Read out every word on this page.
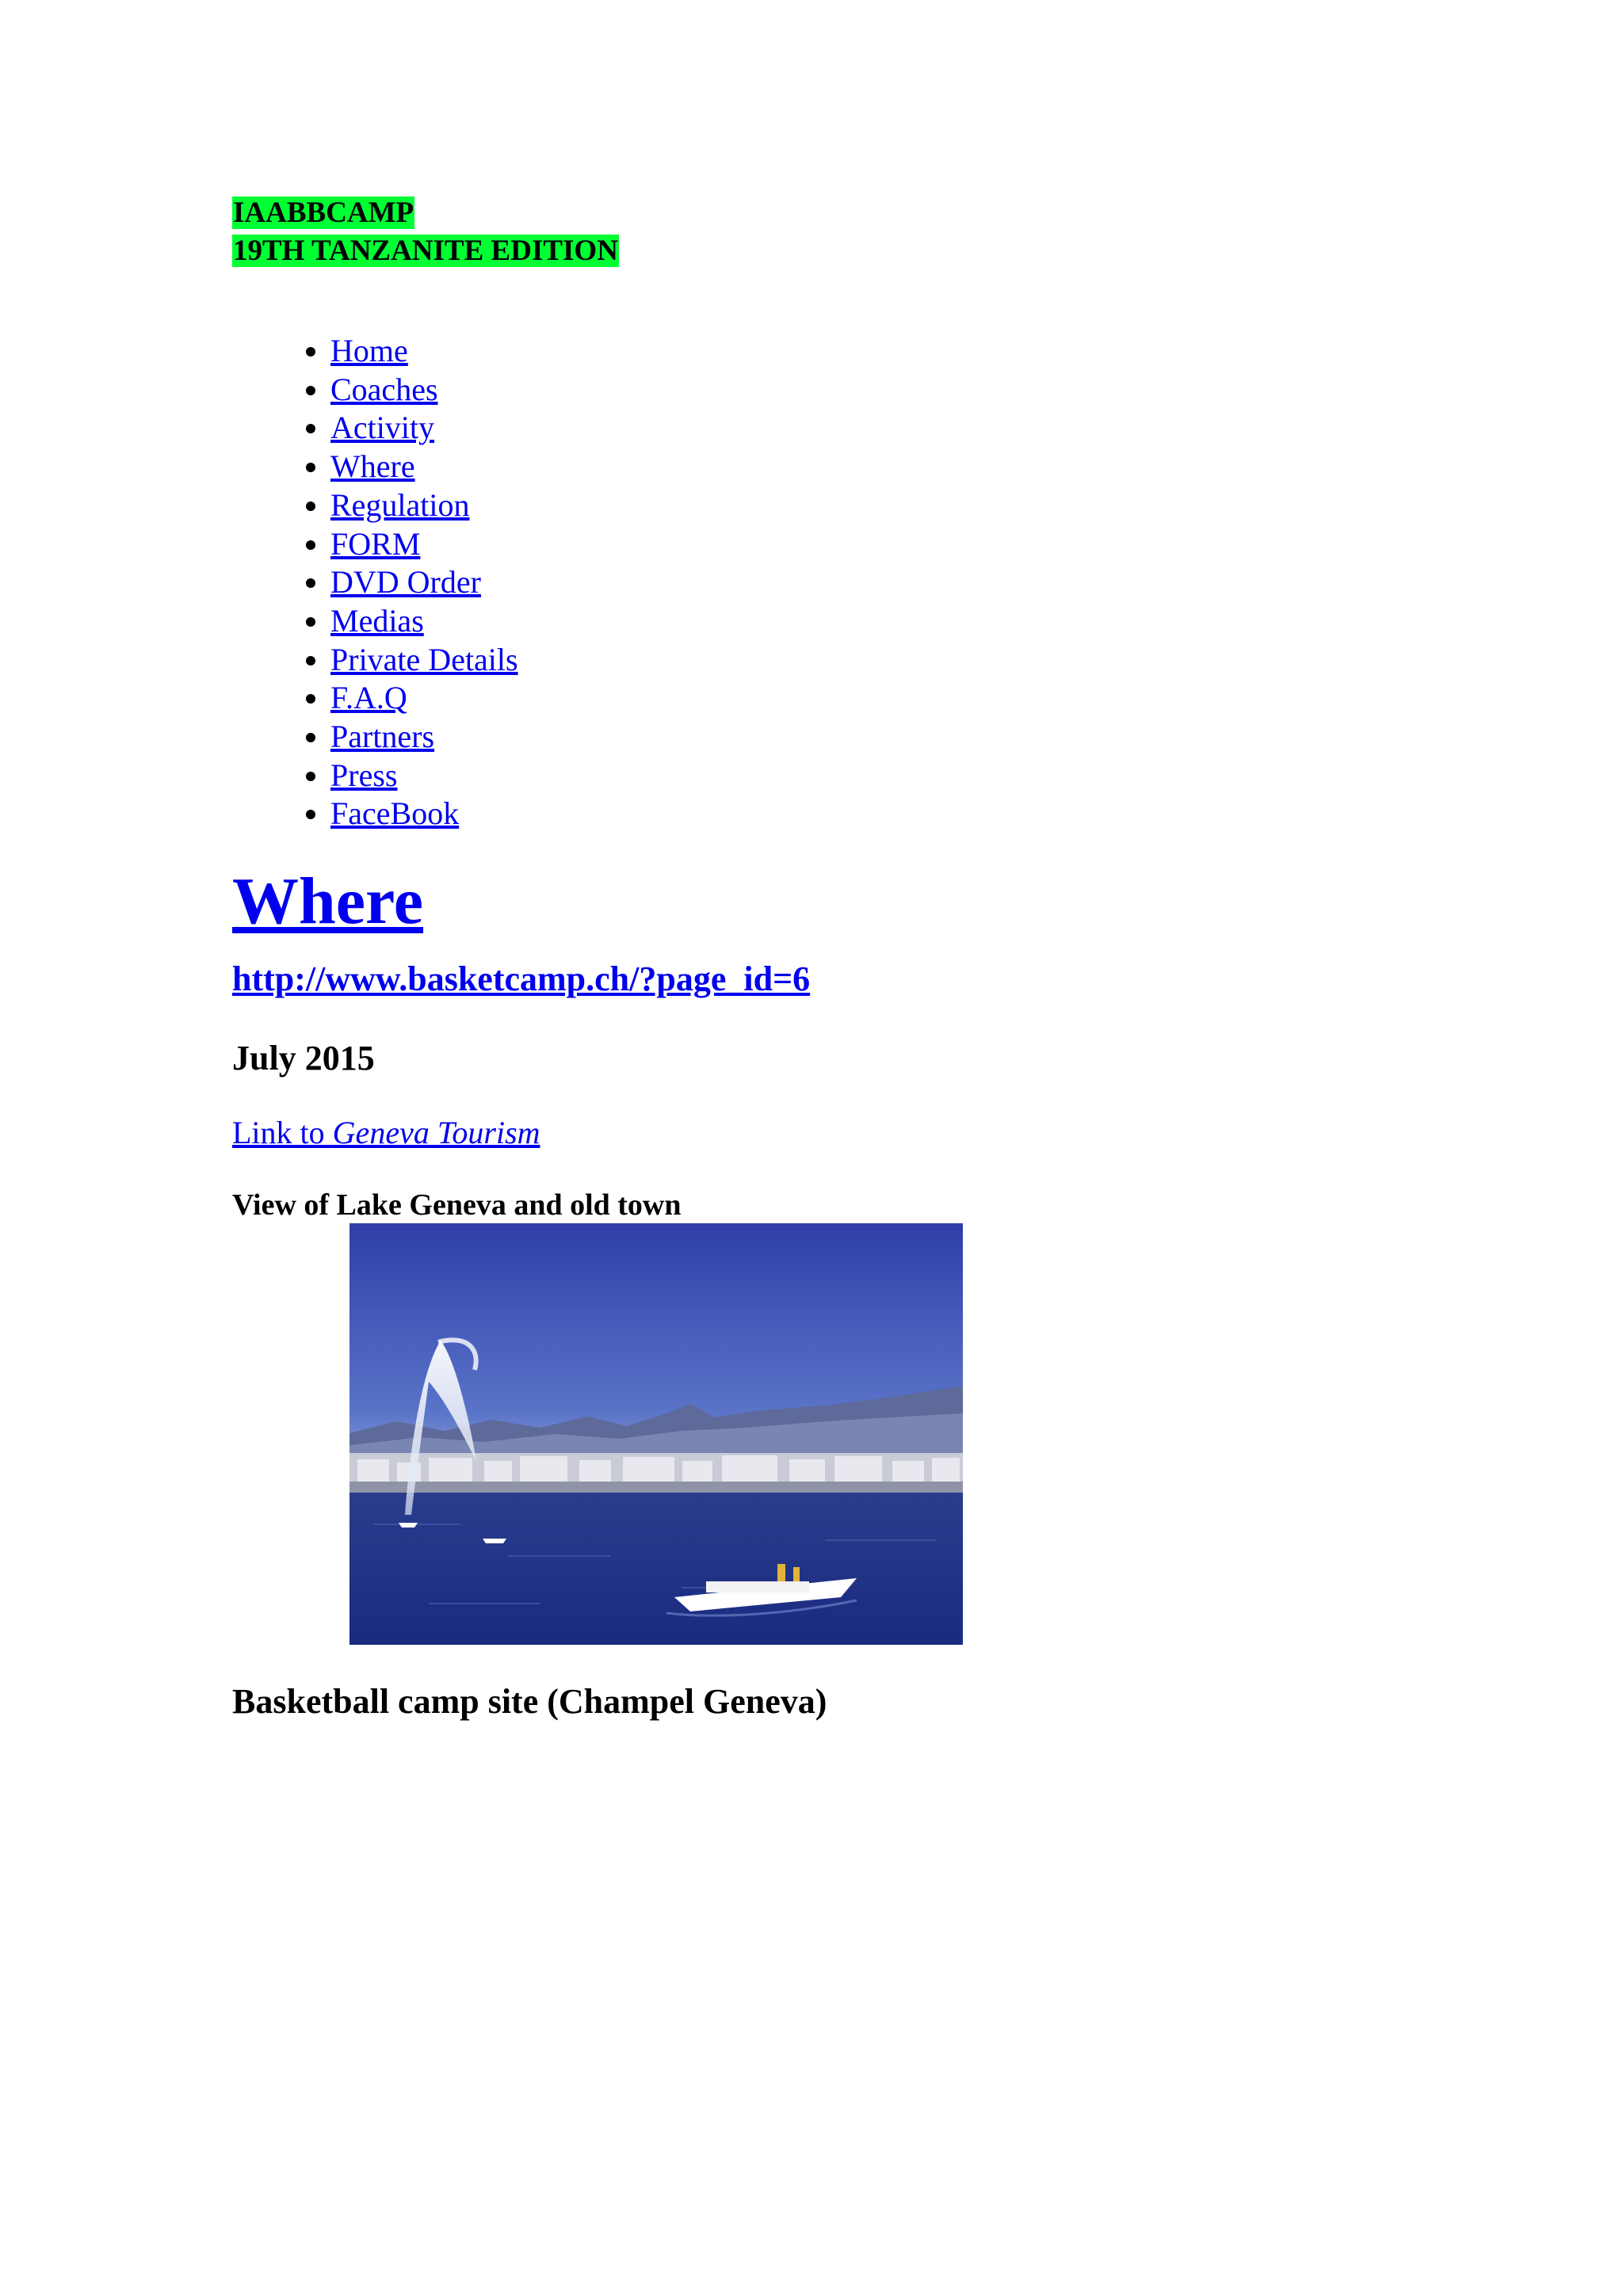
IAABBCAMP
19TH TANZANITE EDITION
• Home
• Coaches
• Activity
• Where
• Regulation
• FORM
• DVD Order
• Medias
• Private Details
• F.A.Q
• Partners
• Press
• FaceBook
Where
http://www.basketcamp.ch/?page_id=6
July 2015

Link to Geneva Tourism

View of Lake Geneva and old town
Basketball camp site (Champel Geneva)
